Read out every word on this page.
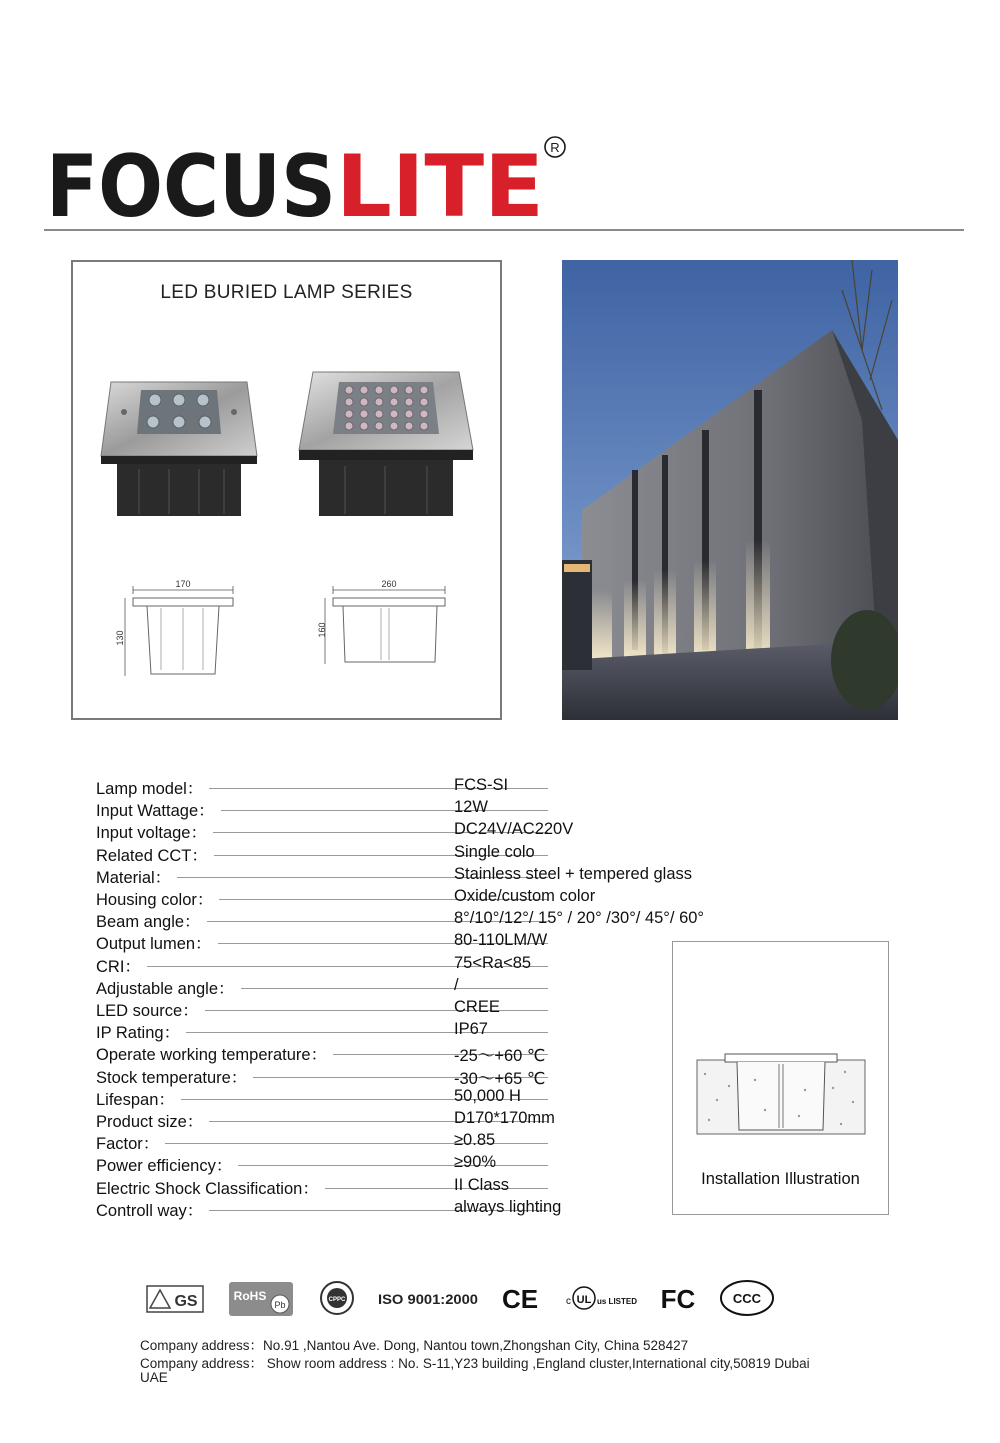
FOCUS LITE R
LED BURIED LAMP SERIES
170
130
260
160
Lamp model：	FCS-SI
Input Wattage：	12W
Input voltage：	DC24V/AC220V
Related CCT：	Single colo
Material：	Stainless steel + tempered glass
Housing color：	Oxide/custom color
Beam angle：	8°/10°/12°/ 15° / 20° /30°/ 45°/ 60°
Output lumen：	80-110LM/W
CRI：	75<Ra<85
Adjustable angle：	/
LED source：	CREE
IP Rating：	IP67
Operate working temperature：	-25～+60 ℃
Stock temperature：	-30～+65 ℃
Lifespan：	50,000 H
Product size：	D170*170mm
Factor：	≥0.85
Power efficiency：	≥90%
Electric Shock Classification：	II Class
Controll way：	always lighting
Installation Illustration
GS	RoHS
Pb	CPPC ISO 9001:2000 CE	c UL us LISTED FC	CCC
Company address：No.91 ,Nantou Ave. Dong, Nantou town,Zhongshan City, China 528427
Company address： Show room address : No. S-11,Y23 building ,England cluster,International city,50819 Dubai
UAE
